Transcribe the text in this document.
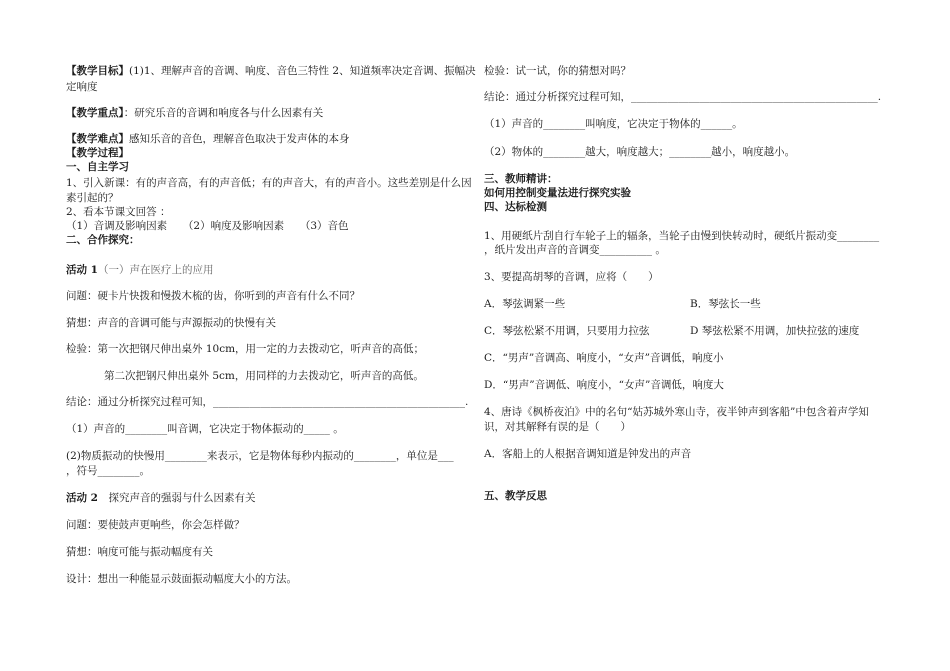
【教学目标】(1)1、理解声音的音调、响度、音色三特性 2、知道频率决定音调、振幅决
定响度
【教学重点】：研究乐音的音调和响度各与什么因素有关
【教学难点】感知乐音的音色，理解音色取决于发声体的本身
【教学过程】
一、自主学习
1、引入新课：有的声音高，有的声音低；有的声音大，有的声音小。这些差别是什么因
素引起的？
2、看本节课文回答 ：
（1）音调及影响因素　　（2）响度及影响因素　　（3）音色
二、合作探究：
活动 1（一）声在医疗上的应用
问题：硬卡片快拨和慢拨木梳的齿，你听到的声音有什么不同？
猜想：声音的音调可能与声源振动的快慢有关
检验：第一次把钢尺伸出桌外 10cm，用一定的力去拨动它，听声音的高低；
第二次把钢尺伸出桌外 5cm，用同样的力去拨动它，听声音的高低。
结论：通过分析探究过程可知，________________________________________________.
（1）声音的________叫音调，它决定于物体振动的_____ 。
(2)物质振动的快慢用________来表示，它是物体每秒内振动的________，单位是___
，符号________。
活动 2　 探究声音的强弱与什么因素有关
问题：要使鼓声更响些，你会怎样做？
猜想：响度可能与振动幅度有关
设计：想出一种能显示鼓面振动幅度大小的方法。
检验：试一试，你的猜想对吗？
结论：通过分析探究过程可知，_______________________________________________.
（1）声音的________叫响度，它决定于物体的______。
（2）物体的________越大，响度越大；________越小，响度越小。
三、教师精讲：
如何用控制变量法进行探究实验
四、达标检测
1、用硬纸片刮自行车轮子上的辐条，当轮子由慢到快转动时，硬纸片振动变________
，纸片发出声音的音调变__________ 。
3、要提高胡琴的音调，应将（　　）
A．琴弦调紧一些	B．琴弦长一些
C．琴弦松紧不用调，只要用力拉弦	D 琴弦松紧不用调，加快拉弦的速度
C．“男声”音调高、响度小，“女声”音调低，响度小
D．“男声”音调低、响度小，“女声”音调低，响度大
4、唐诗《枫桥夜泊》中的名句“姑苏城外寒山寺，夜半钟声到客船”中包含着声学知
识，对其解释有误的是（　　）
A．客船上的人根据音调知道是钟发出的声音
五、教学反思
